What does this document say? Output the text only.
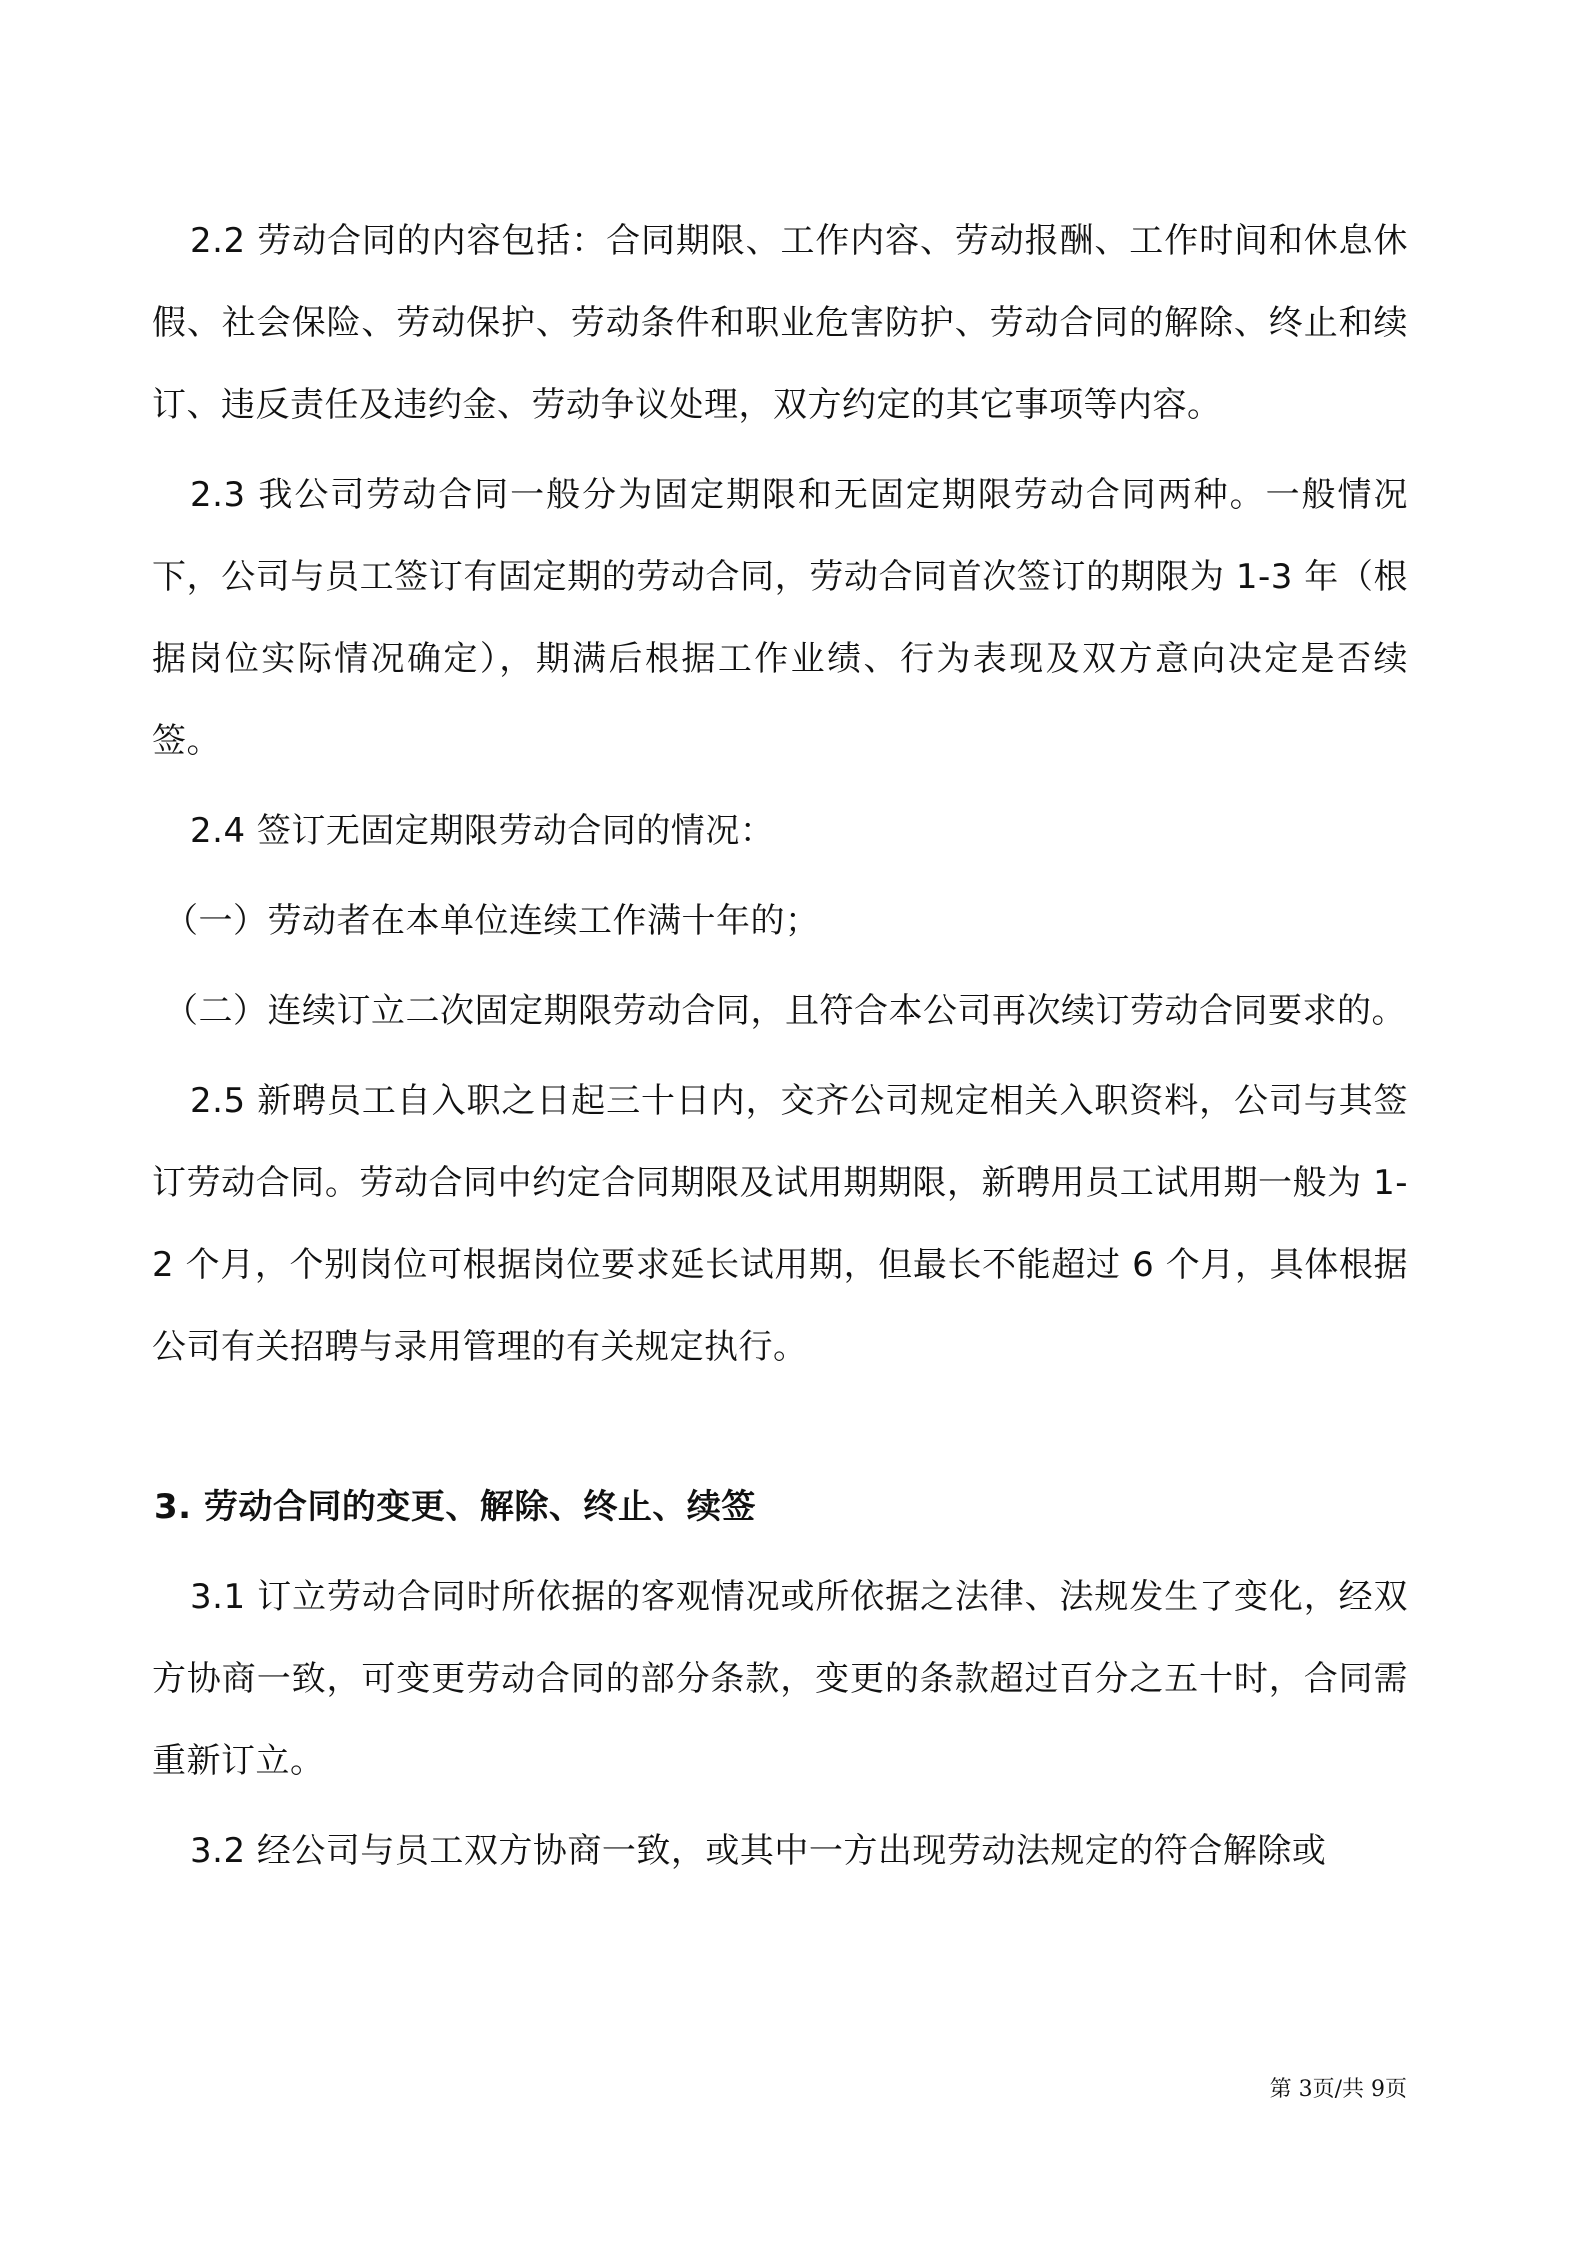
2.2 劳动合同的内容包括：合同期限、工作内容、劳动报酬、工作时间和休息休假、社会保险、劳动保护、劳动条件和职业危害防护、劳动合同的解除、终止和续订、违反责任及违约金、劳动争议处理，双方约定的其它事项等内容。

2.3 我公司劳动合同一般分为固定期限和无固定期限劳动合同两种。一般情况下，公司与员工签订有固定期的劳动合同，劳动合同首次签订的期限为 1-3 年（根据岗位实际情况确定），期满后根据工作业绩、行为表现及双方意向决定是否续签。

2.4 签订无固定期限劳动合同的情况：

（一）劳动者在本单位连续工作满十年的；

（二）连续订立二次固定期限劳动合同，且符合本公司再次续订劳动合同要求的。

2.5 新聘员工自入职之日起三十日内，交齐公司规定相关入职资料，公司与其签订劳动合同。劳动合同中约定合同期限及试用期期限，新聘用员工试用期一般为 1-2 个月，个别岗位可根据岗位要求延长试用期，但最长不能超过 6 个月，具体根据公司有关招聘与录用管理的有关规定执行。

3. 劳动合同的变更、解除、终止、续签

3.1 订立劳动合同时所依据的客观情况或所依据之法律、法规发生了变化，经双方协商一致，可变更劳动合同的部分条款，变更的条款超过百分之五十时，合同需重新订立。

3.2 经公司与员工双方协商一致，或其中一方出现劳动法规定的符合解除或

第 3页/共 9页
